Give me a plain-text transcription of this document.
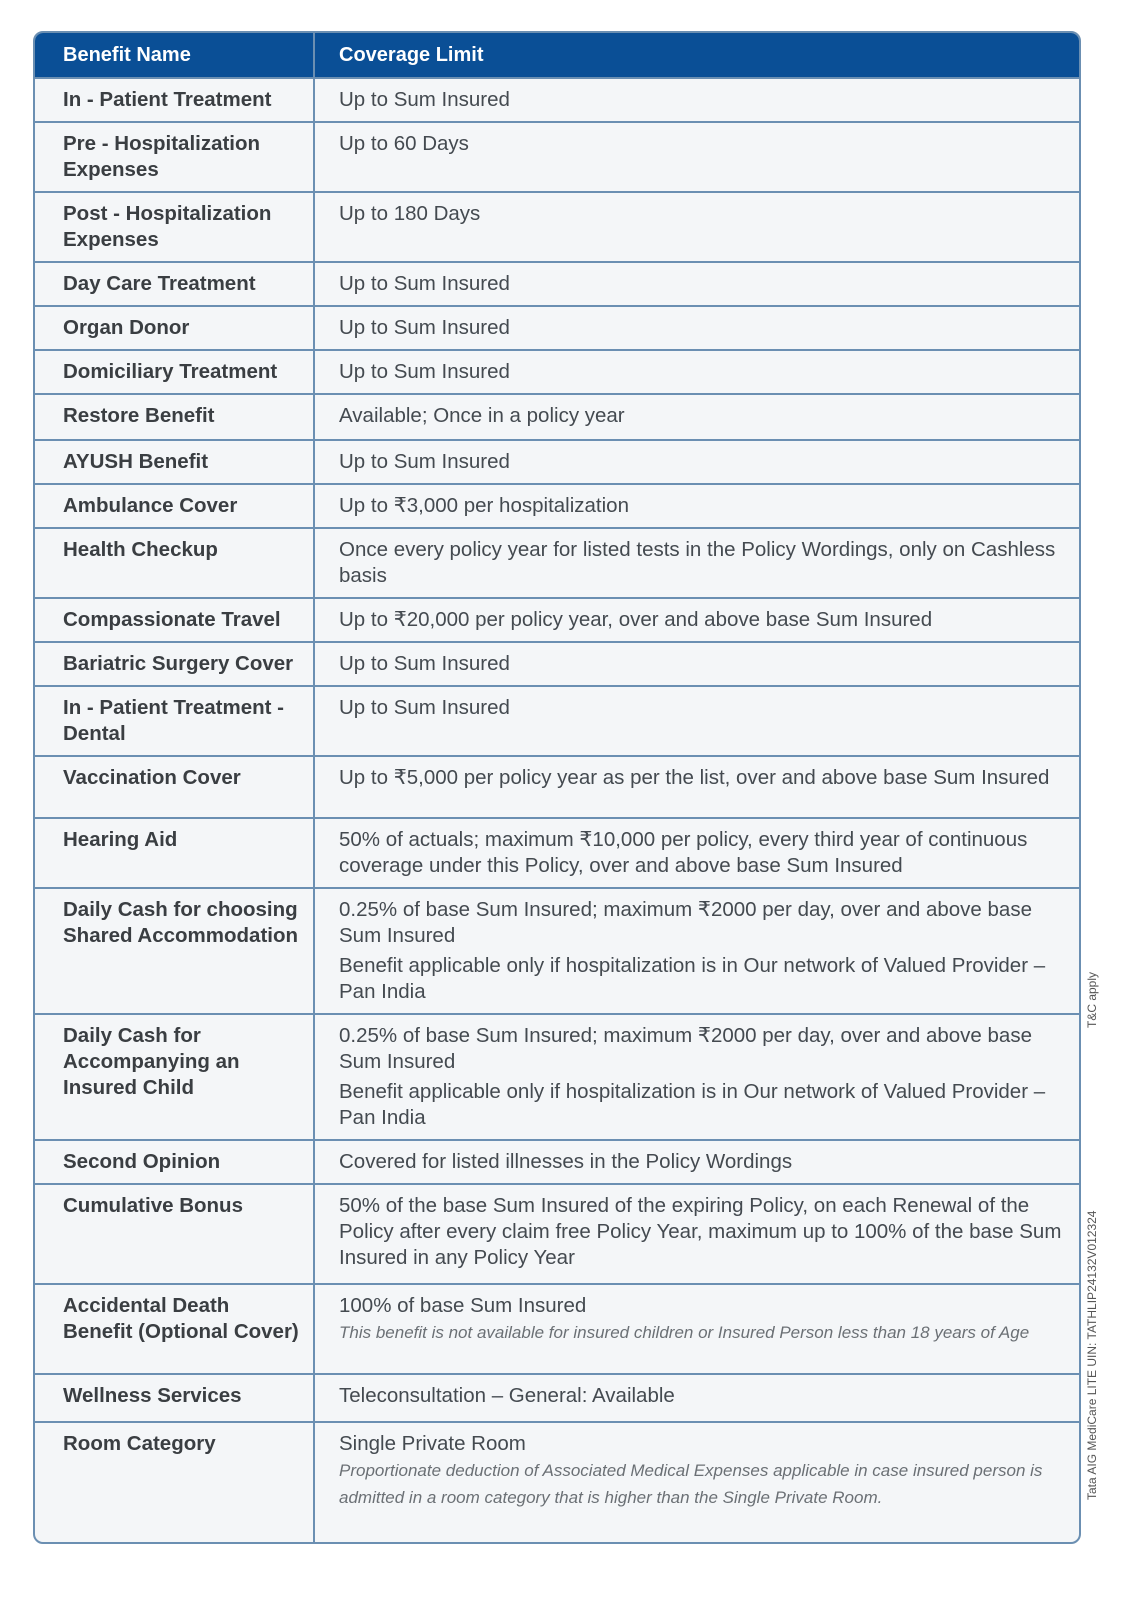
Benefit Name	Coverage Limit
In - Patient Treatment	Up to Sum Insured
Pre - Hospitalization Expenses	Up to 60 Days
Post - Hospitalization Expenses	Up to 180 Days
Day Care Treatment	Up to Sum Insured
Organ Donor	Up to Sum Insured
Domiciliary Treatment	Up to Sum Insured
Restore Benefit	Available; Once in a policy year
AYUSH Benefit	Up to Sum Insured
Ambulance Cover	Up to ₹3,000 per hospitalization
Health Checkup	Once every policy year for listed tests in the Policy Wordings, only on Cashless basis
Compassionate Travel	Up to ₹20,000 per policy year, over and above base Sum Insured
Bariatric Surgery Cover	Up to Sum Insured
In - Patient Treatment - Dental	Up to Sum Insured
Vaccination Cover	Up to ₹5,000 per policy year as per the list, over and above base Sum Insured
Hearing Aid	50% of actuals; maximum ₹10,000 per policy, every third year of continuous coverage under this Policy, over and above base Sum Insured
Daily Cash for choosing Shared Accommodation	0.25% of base Sum Insured; maximum ₹2000 per day, over and above base Sum Insured
Benefit applicable only if hospitalization is in Our network of Valued Provider – Pan India

Daily Cash for Accompanying an Insured Child	0.25% of base Sum Insured; maximum ₹2000 per day, over and above base Sum Insured
Benefit applicable only if hospitalization is in Our network of Valued Provider – Pan India

Second Opinion	Covered for listed illnesses in the Policy Wordings
Cumulative Bonus	50% of the base Sum Insured of the expiring Policy, on each Renewal of the Policy after every claim free Policy Year, maximum up to 100% of the base Sum Insured in any Policy Year
Accidental Death Benefit (Optional Cover)	100% of base Sum Insured
This benefit is not available for insured children or Insured Person less than 18 years of Age

Wellness Services	Teleconsultation – General: Available
Room Category	Single Private Room
Proportionate deduction of Associated Medical Expenses applicable in case insured person is admitted in a room category that is higher than the Single Private Room.
T&C apply
Tata AIG MediCare LITE UIN: TATHLIP24132V012324
